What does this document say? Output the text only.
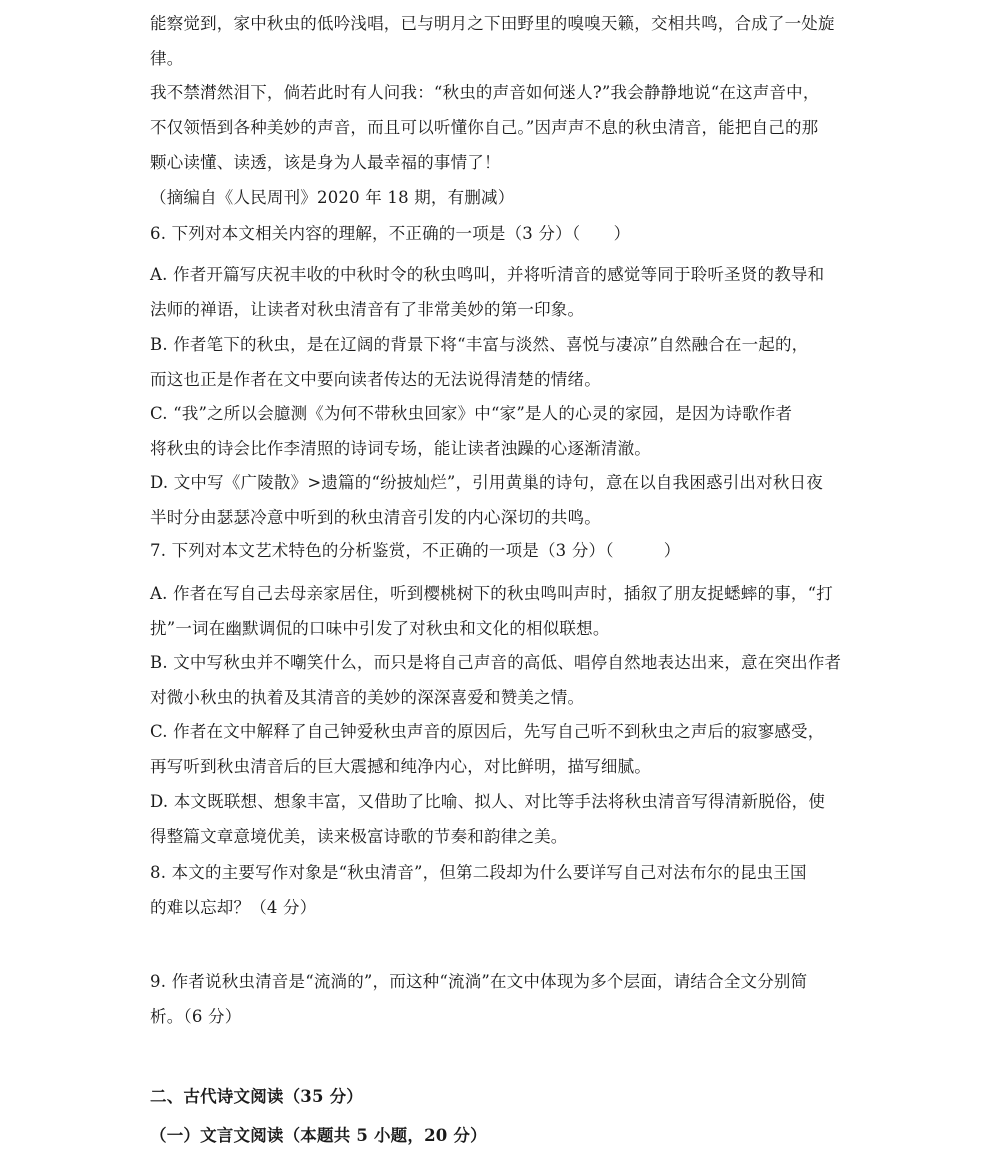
能察觉到，家中秋虫的低吟浅唱，已与明月之下田野里的嗅嗅天籁，交相共鸣，合成了一处旋
律。
我不禁潸然泪下，倘若此时有人问我：“秋虫的声音如何迷人?”我会静静地说“在这声音中，
不仅领悟到各种美妙的声音，而且可以听懂你自己。”因声声不息的秋虫清音，能把自己的那
颗心读懂、读透，该是身为人最幸福的事情了！
（摘编自《人民周刊》2020 年 18 期，有删减）
6. 下列对本文相关内容的理解，不正确的一项是（3 分）（　　）
A. 作者开篇写庆祝丰收的中秋时令的秋虫鸣叫，并将听清音的感觉等同于聆听圣贤的教导和
法师的禅语，让读者对秋虫清音有了非常美妙的第一印象。
B. 作者笔下的秋虫，是在辽阔的背景下将“丰富与淡然、喜悦与凄凉”自然融合在一起的，
而这也正是作者在文中要向读者传达的无法说得清楚的情绪。
C. “我”之所以会臆测《为何不带秋虫回家》中“家”是人的心灵的家园，是因为诗歌作者
将秋虫的诗会比作李清照的诗词专场，能让读者浊躁的心逐渐清澈。
D. 文中写《广陵散》>遗篇的“纷披灿烂”，引用黄巢的诗句，意在以自我困惑引出对秋日夜
半时分由瑟瑟冷意中听到的秋虫清音引发的内心深切的共鸣。
7. 下列对本文艺术特色的分析鉴赏，不正确的一项是（3 分）（　　　）
A. 作者在写自己去母亲家居住，听到樱桃树下的秋虫鸣叫声时，插叙了朋友捉蟋蟀的事，“打
扰”一词在幽默调侃的口味中引发了对秋虫和文化的相似联想。
B. 文中写秋虫并不嘲笑什么，而只是将自己声音的高低、唱停自然地表达出来，意在突出作者
对微小秋虫的执着及其清音的美妙的深深喜爱和赞美之情。
C. 作者在文中解释了自己钟爱秋虫声音的原因后，先写自己听不到秋虫之声后的寂寥感受，
再写听到秋虫清音后的巨大震撼和纯净内心，对比鲜明，描写细腻。
D. 本文既联想、想象丰富，又借助了比喻、拟人、对比等手法将秋虫清音写得清新脱俗，使
得整篇文章意境优美，读来极富诗歌的节奏和韵律之美。
8. 本文的主要写作对象是“秋虫清音”，但第二段却为什么要详写自己对法布尔的昆虫王国
的难以忘却？（4 分）
9. 作者说秋虫清音是“流淌的”，而这种“流淌”在文中体现为多个层面，请结合全文分别简
析。（6 分）
二、古代诗文阅读（35 分）
（一）文言文阅读（本题共 5 小题，20 分）
